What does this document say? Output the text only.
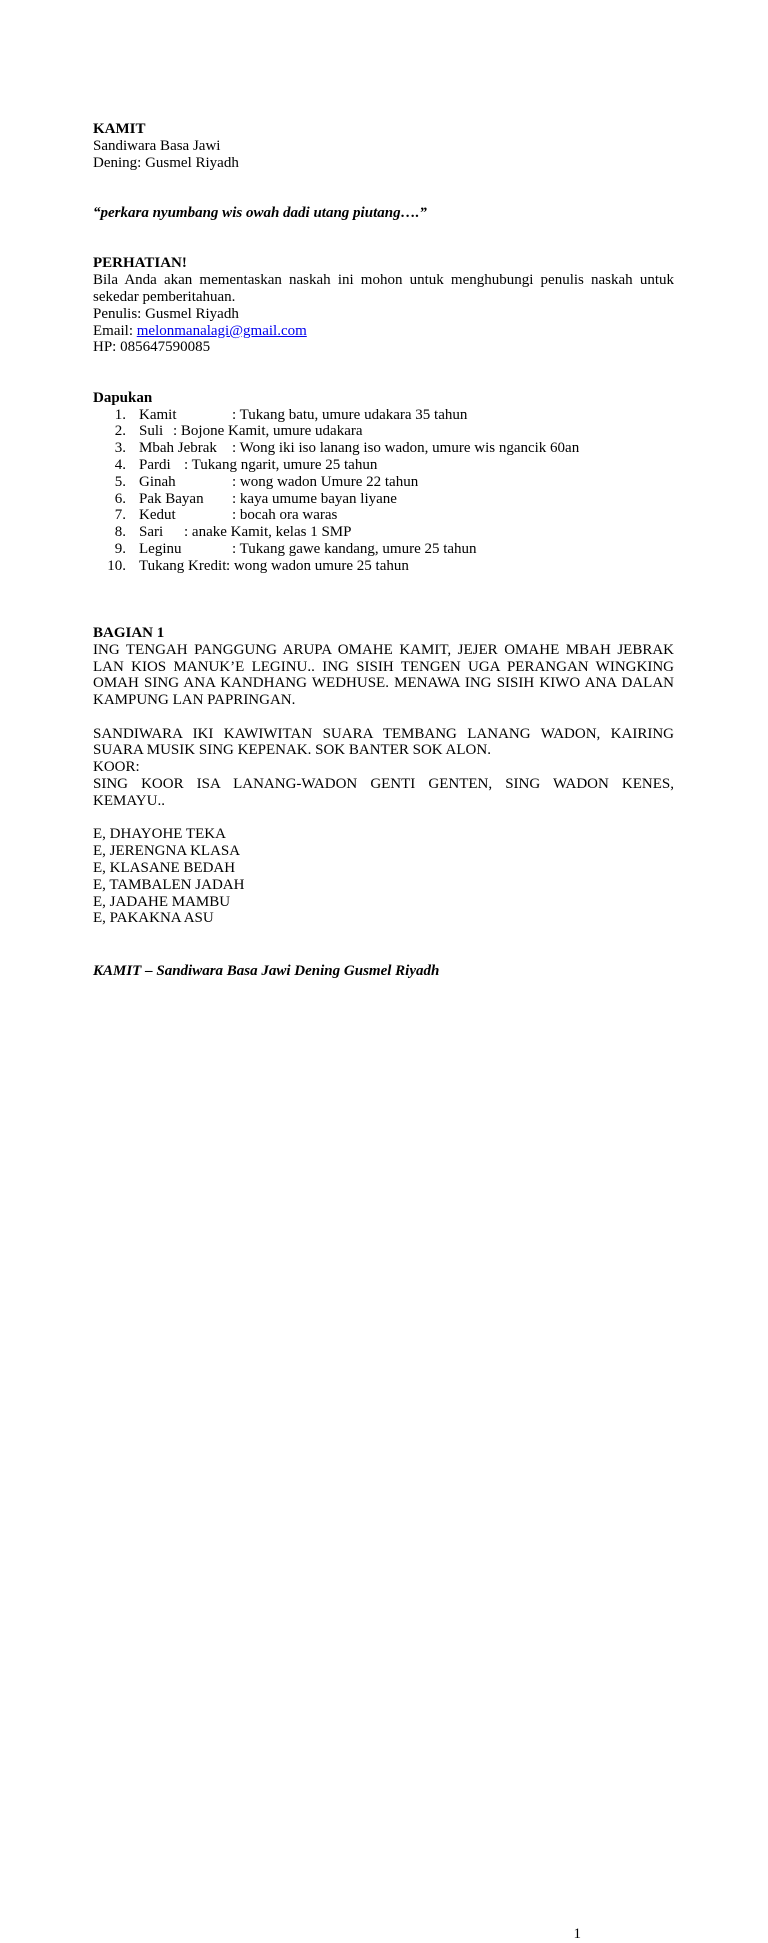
KAMIT
Sandiwara Basa Jawi
Dening: Gusmel Riyadh
“perkara nyumbang wis owah dadi utang piutang….”
PERHATIAN!
Bila Anda akan mementaskan naskah ini mohon untuk menghubungi penulis naskah untuk sekedar pemberitahuan.
Penulis: Gusmel Riyadh
Email: melonmanalagi@gmail.com
HP: 085647590085
Dapukan
1. Kamit	: Tukang batu, umure udakara 35 tahun
2. Suli : Bojone Kamit, umure udakara
3. Mbah Jebrak : Wong iki iso lanang iso wadon, umure wis ngancik 60an
4. Pardi : Tukang ngarit, umure 25 tahun
5. Ginah	: wong wadon Umure 22 tahun
6. Pak Bayan : kaya umume bayan liyane
7. Kedut	: bocah ora waras
8. Sari : anake Kamit, kelas 1 SMP
9. Leginu	: Tukang gawe kandang, umure 25 tahun
10. Tukang Kredit : wong wadon umure 25 tahun
BAGIAN 1
ING TENGAH PANGGUNG ARUPA OMAHE KAMIT, JEJER OMAHE MBAH JEBRAK LAN KIOS MANUK’E LEGINU.. ING SISIH TENGEN UGA PERANGAN WINGKING OMAH SING ANA KANDHANG WEDHUSE. MENAWA ING SISIH KIWO ANA DALAN KAMPUNG LAN PAPRINGAN.
SANDIWARA IKI KAWIWITAN SUARA TEMBANG LANANG WADON, KAIRING SUARA MUSIK SING KEPENAK. SOK BANTER SOK ALON.
KOOR:
SING KOOR ISA LANANG-WADON GENTI GENTEN, SING WADON KENES, KEMAYU..
E, DHAYOHE TEKA
E, JERENGNA KLASA
E, KLASANE BEDAH
E, TAMBALEN JADAH
E, JADAHE MAMBU
E, PAKAKNA ASU
KAMIT – Sandiwara Basa Jawi Dening Gusmel Riyadh
1
